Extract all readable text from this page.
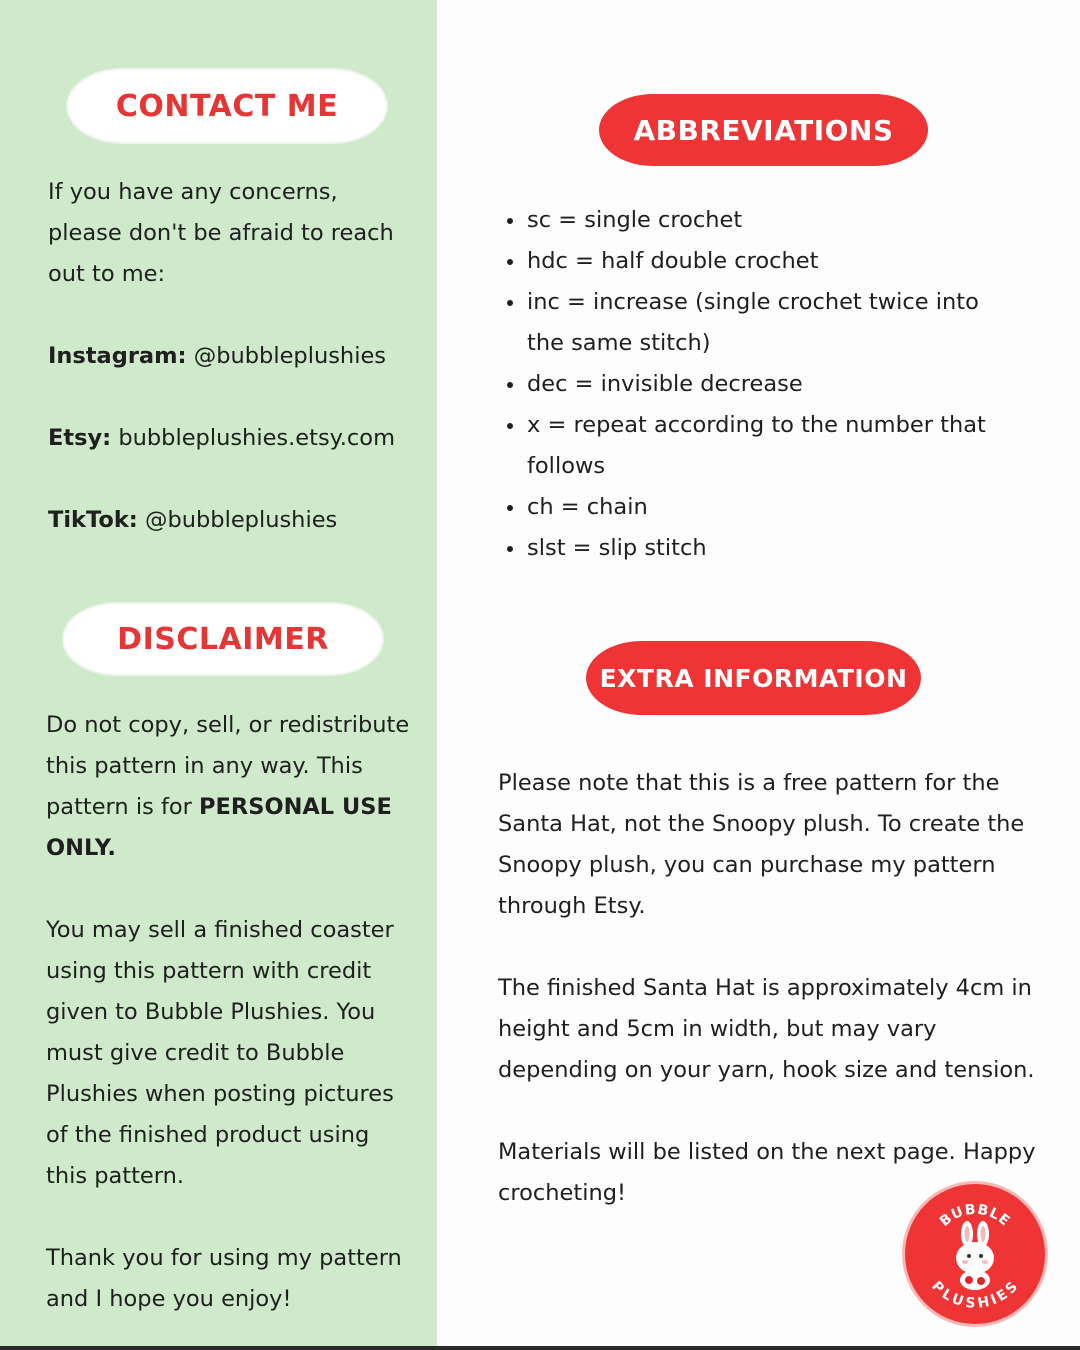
CONTACT ME

If you have any concerns, please don't be afraid to reach out to me:

Instagram: @bubbleplushies

Etsy: bubbleplushies.etsy.com

TikTok: @bubbleplushies

DISCLAIMER

Do not copy, sell, or redistribute this pattern in any way. This pattern is for PERSONAL USE ONLY.

You may sell a finished coaster using this pattern with credit given to Bubble Plushies. You must give credit to Bubble Plushies when posting pictures of the finished product using this pattern.

Thank you for using my pattern and I hope you enjoy!

ABBREVIATIONS
sc = single crochet
hdc = half double crochet
inc = increase (single crochet twice into the same stitch)
dec = invisible decrease
x = repeat according to the number that follows
ch = chain
slst = slip stitch
EXTRA INFORMATION

Please note that this is a free pattern for the Santa Hat, not the Snoopy plush. To create the Snoopy plush, you can purchase my pattern through Etsy.

The finished Santa Hat is approximately 4cm in height and 5cm in width, but may vary depending on your yarn, hook size and tension.

Materials will be listed on the next page. Happy crocheting!

BUBBLE
PLUSHIES
